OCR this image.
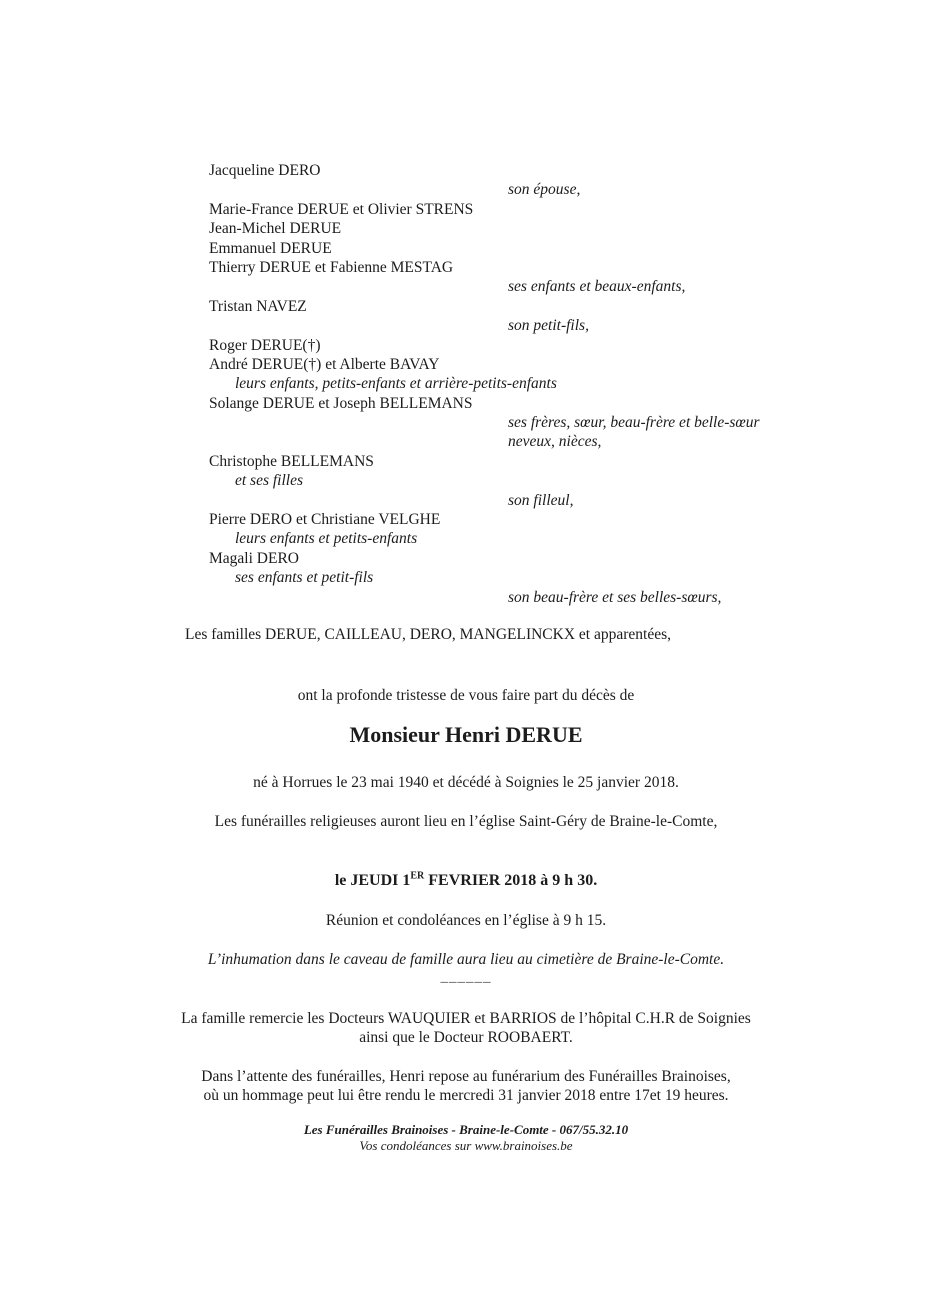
Jacqueline DERO
son épouse,
Marie-France DERUE et Olivier STRENS
Jean-Michel DERUE
Emmanuel DERUE
Thierry DERUE et Fabienne MESTAG
ses enfants et beaux-enfants,
Tristan NAVEZ
son petit-fils,
Roger DERUE(†)
André DERUE(†) et Alberte BAVAY
leurs enfants, petits-enfants et arrière-petits-enfants
Solange DERUE et Joseph BELLEMANS
ses frères, sœur, beau-frère et belle-sœur
neveux, nièces,
Christophe BELLEMANS
et ses filles
son filleul,
Pierre DERO et Christiane VELGHE
leurs enfants et petits-enfants
Magali DERO
ses enfants et petit-fils
son beau-frère et ses belles-sœurs,
Les familles DERUE, CAILLEAU, DERO, MANGELINCKX et apparentées,
ont la profonde tristesse de vous faire part du décès de
Monsieur Henri DERUE
né à Horrues le 23 mai 1940 et décédé à Soignies le 25 janvier 2018.
Les funérailles religieuses auront lieu en l’église Saint-Géry de Braine-le-Comte,
le JEUDI 1ER FEVRIER 2018 à 9 h 30.
Réunion et condoléances en l’église à 9 h 15.
L’inhumation dans le caveau de famille aura lieu au cimetière de Braine-le-Comte.
______
La famille remercie les Docteurs WAUQUIER et BARRIOS de l’hôpital C.H.R de Soignies
ainsi que le Docteur ROOBAERT.
Dans l’attente des funérailles, Henri repose au funérarium des Funérailles Brainoises,
où un hommage peut lui être rendu le mercredi 31 janvier 2018 entre 17et 19 heures.
Les Funérailles Brainoises - Braine-le-Comte - 067/55.32.10
Vos condoléances sur www.brainoises.be
